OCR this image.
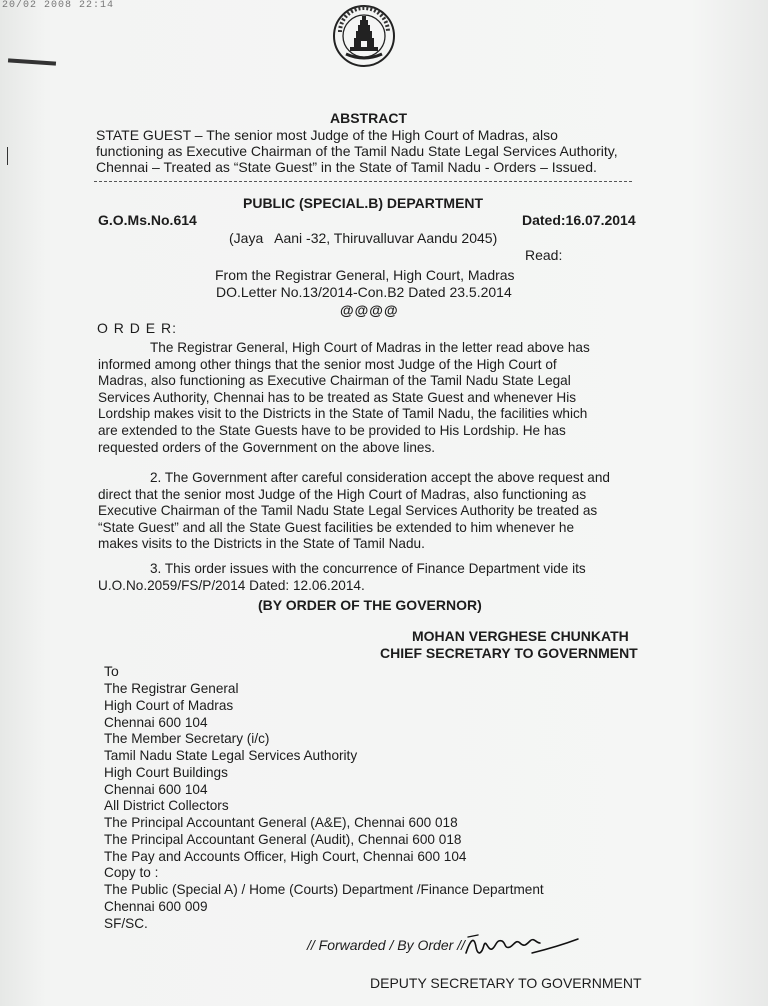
20/02 2008 22:14
ABSTRACT
STATE GUEST – The senior most Judge of the High Court of Madras, also
functioning as Executive Chairman of the Tamil Nadu State Legal Services Authority,
Chennai – Treated as “State Guest” in the State of Tamil Nadu - Orders – Issued.
PUBLIC (SPECIAL.B) DEPARTMENT
G.O.Ms.No.614	Dated:16.07.2014
(Jaya   Aani -32, Thiruvalluvar Aandu 2045)
Read:
From the Registrar General, High Court, Madras
DO.Letter No.13/2014-Con.B2 Dated 23.5.2014
@@@@
O R D E R:
The Registrar General, High Court of Madras in the letter read above has
informed among other things that the senior most Judge of the High Court of
Madras, also functioning as Executive Chairman of the Tamil Nadu State Legal
Services Authority, Chennai has to be treated as State Guest and whenever His
Lordship makes visit to the Districts in the State of Tamil Nadu, the facilities which
are extended to the State Guests have to be provided to His Lordship. He has
requested orders of the Government on the above lines.
2. The Government after careful consideration accept the above request and
direct that the senior most Judge of the High Court of Madras, also functioning as
Executive Chairman of the Tamil Nadu State Legal Services Authority be treated as
“State Guest” and all the State Guest facilities be extended to him whenever he
makes visits to the Districts in the State of Tamil Nadu.
3. This order issues with the concurrence of Finance Department vide its
U.O.No.2059/FS/P/2014 Dated: 12.06.2014.
(BY ORDER OF THE GOVERNOR)
MOHAN VERGHESE CHUNKATH
CHIEF SECRETARY TO GOVERNMENT
To
The Registrar General
High Court of Madras
Chennai 600 104
The Member Secretary (i/c)
Tamil Nadu State Legal Services Authority
High Court Buildings
Chennai 600 104
All District Collectors
The Principal Accountant General (A&E), Chennai 600 018
The Principal Accountant General (Audit), Chennai 600 018
The Pay and Accounts Officer, High Court, Chennai 600 104
Copy to :
The Public (Special A) / Home (Courts) Department /Finance Department
Chennai 600 009
SF/SC.
// Forwarded / By Order //
DEPUTY SECRETARY TO GOVERNMENT
